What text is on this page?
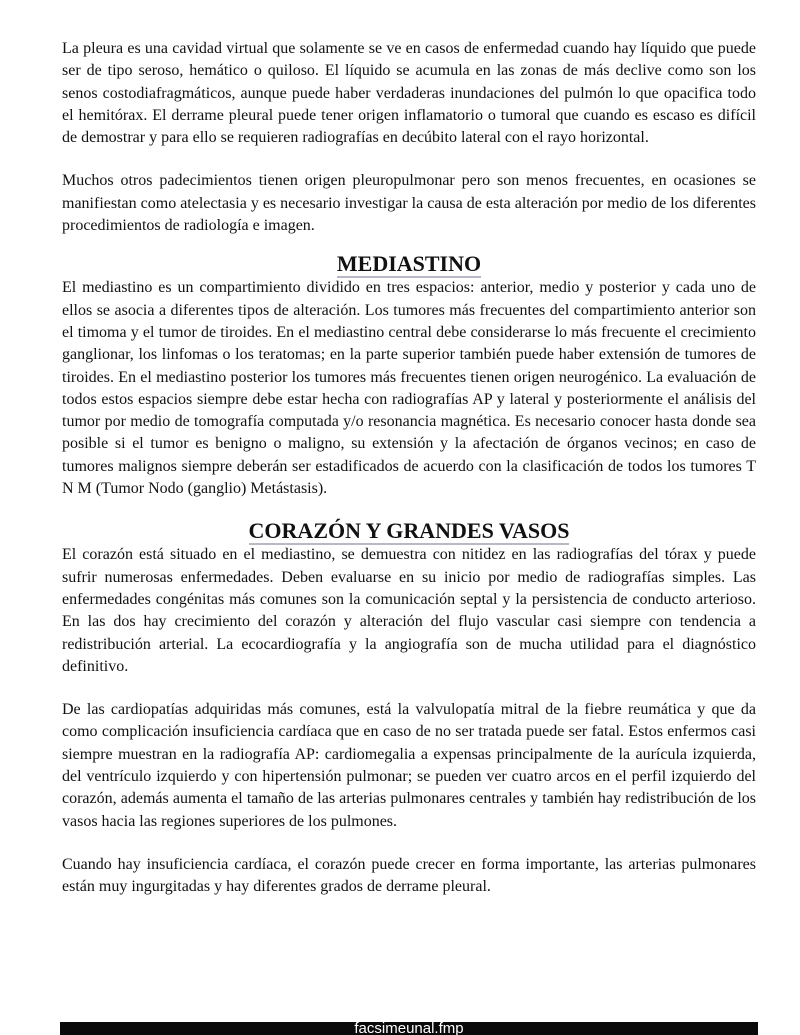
La pleura es una cavidad virtual que solamente se ve en casos de enfermedad cuando hay líquido que puede ser de tipo seroso, hemático o quiloso. El líquido se acumula en las zonas de más declive como son los senos costodiafragmáticos, aunque puede haber verdaderas inundaciones del pulmón lo que opacifica todo el hemitórax. El derrame pleural puede tener origen inflamatorio o tumoral que cuando es escaso es difícil de demostrar y para ello se requieren radiografías en decúbito lateral con el rayo horizontal.

Muchos otros padecimientos tienen origen pleuropulmonar pero son menos frecuentes, en ocasiones se manifiestan como atelectasia y es necesario investigar la causa de esta alteración por medio de los diferentes procedimientos de radiología e imagen.

MEDIASTINO

El mediastino es un compartimiento dividido en tres espacios: anterior, medio y posterior y cada uno de ellos se asocia a diferentes tipos de alteración. Los tumores más frecuentes del compartimiento anterior son el timoma y el tumor de tiroides. En el mediastino central debe considerarse lo más frecuente el crecimiento ganglionar, los linfomas o los teratomas; en la parte superior también puede haber extensión de tumores de tiroides. En el mediastino posterior los tumores más frecuentes tienen origen neurogénico. La evaluación de todos estos espacios siempre debe estar hecha con radiografías AP y lateral y posteriormente el análisis del tumor por medio de tomografía computada y/o resonancia magnética. Es necesario conocer hasta donde sea posible si el tumor es benigno o maligno, su extensión y la afectación de órganos vecinos; en caso de tumores malignos siempre deberán ser estadificados de acuerdo con la clasificación de todos los tumores T N M (Tumor Nodo (ganglio) Metástasis).

CORAZÓN Y GRANDES VASOS

El corazón está situado en el mediastino, se demuestra con nitidez en las radiografías del tórax y puede sufrir numerosas enfermedades. Deben evaluarse en su inicio por medio de radiografías simples. Las enfermedades congénitas más comunes son la comunicación septal y la persistencia de conducto arterioso. En las dos hay crecimiento del corazón y alteración del flujo vascular casi siempre con tendencia a redistribución arterial. La ecocardiografía y la angiografía son de mucha utilidad para el diagnóstico definitivo.

De las cardiopatías adquiridas más comunes, está la valvulopatía mitral de la fiebre reumática y que da como complicación insuficiencia cardíaca que en caso de no ser tratada puede ser fatal. Estos enfermos casi siempre muestran en la radiografía AP: cardiomegalia a expensas principalmente de la aurícula izquierda, del ventrículo izquierdo y con hipertensión pulmonar; se pueden ver cuatro arcos en el perfil izquierdo del corazón, además aumenta el tamaño de las arterias pulmonares centrales y también hay redistribución de los vasos hacia las regiones superiores de los pulmones.

Cuando hay insuficiencia cardíaca, el corazón puede crecer en forma importante, las arterias pulmonares están muy ingurgitadas y hay diferentes grados de derrame pleural.

facsimeunal.fmp
